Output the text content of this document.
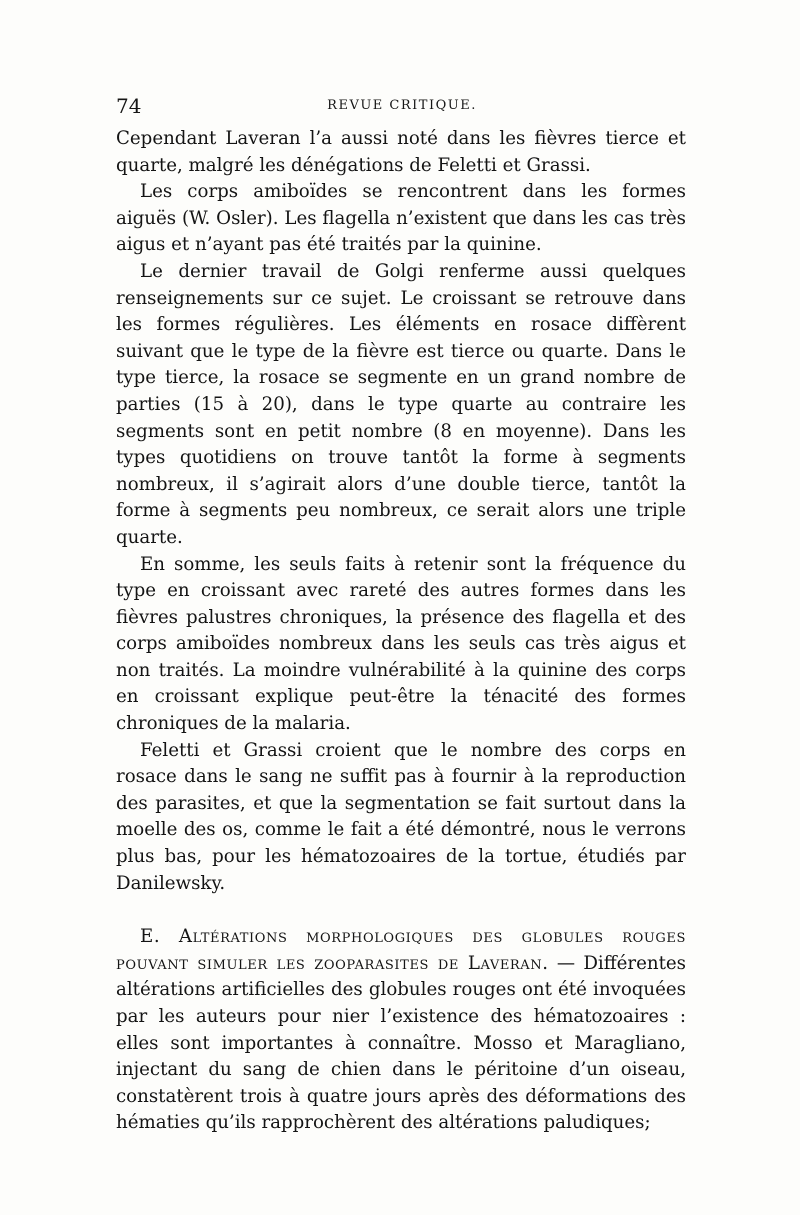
74	REVUE CRITIQUE.

Cependant Laveran l’a aussi noté dans les fièvres tierce et quarte, malgré les dénégations de Feletti et Grassi.

Les corps amiboïdes se rencontrent dans les formes aiguës (W. Osler). Les flagella n’existent que dans les cas très aigus et n’ayant pas été traités par la quinine.

Le dernier travail de Golgi renferme aussi quelques renseignements sur ce sujet. Le croissant se retrouve dans les formes régulières. Les éléments en rosace diffèrent suivant que le type de la fièvre est tierce ou quarte. Dans le type tierce, la rosace se segmente en un grand nombre de parties (15 à 20), dans le type quarte au contraire les segments sont en petit nombre (8 en moyenne). Dans les types quotidiens on trouve tantôt la forme à segments nombreux, il s’agirait alors d’une double tierce, tantôt la forme à segments peu nombreux, ce serait alors une triple quarte.

En somme, les seuls faits à retenir sont la fréquence du type en croissant avec rareté des autres formes dans les fièvres palustres chroniques, la présence des flagella et des corps amiboïdes nombreux dans les seuls cas très aigus et non traités. La moindre vulnérabilité à la quinine des corps en croissant explique peut-être la ténacité des formes chroniques de la malaria.

Feletti et Grassi croient que le nombre des corps en rosace dans le sang ne suffit pas à fournir à la reproduction des parasites, et que la segmentation se fait surtout dans la moelle des os, comme le fait a été démontré, nous le verrons plus bas, pour les hématozoaires de la tortue, étudiés par Danilewsky.

E. Altérations morphologiques des globules rouges pouvant simuler les zooparasites de Laveran. — Différentes altérations artificielles des globules rouges ont été invoquées par les auteurs pour nier l’existence des hématozoaires : elles sont importantes à connaître. Mosso et Maragliano, injectant du sang de chien dans le péritoine d’un oiseau, constatèrent trois à quatre jours après des déformations des hématies qu’ils rapprochèrent des altérations paludiques;
